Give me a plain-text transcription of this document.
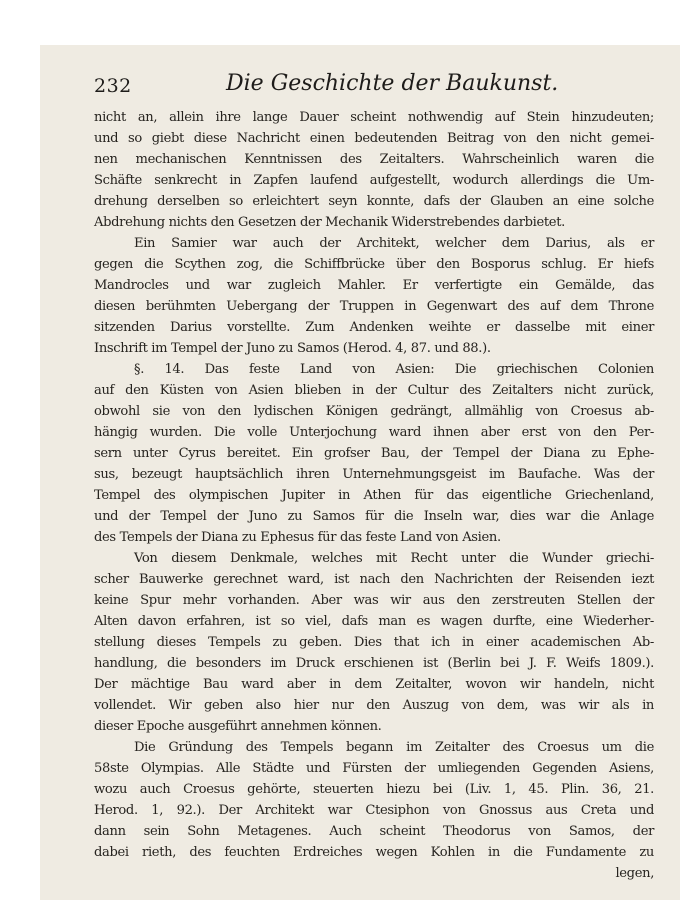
232	Die Geschichte der Baukunst.
nicht an, allein ihre lange Dauer scheint nothwendig auf Stein hinzudeuten;
und so giebt diese Nachricht einen bedeutenden Beitrag von den nicht gemei-
nen mechanischen Kenntnissen des Zeitalters. Wahrscheinlich waren die
Schäfte senkrecht in Zapfen laufend aufgestellt, wodurch allerdings die Um-
drehung derselben so erleichtert seyn konnte, dafs der Glauben an eine solche
Abdrehung nichts den Gesetzen der Mechanik Widerstrebendes darbietet.
Ein Samier war auch der Architekt, welcher dem Darius, als er
gegen die Scythen zog, die Schiffbrücke über den Bosporus schlug. Er hiefs
Mandrocles und war zugleich Mahler. Er verfertigte ein Gemälde, das
diesen berühmten Uebergang der Truppen in Gegenwart des auf dem Throne
sitzenden Darius vorstellte. Zum Andenken weihte er dasselbe mit einer
Inschrift im Tempel der Juno zu Samos (Herod. 4, 87. und 88.).
§. 14. Das feste Land von Asien: Die griechischen Colonien
auf den Küsten von Asien blieben in der Cultur des Zeitalters nicht zurück,
obwohl sie von den lydischen Königen gedrängt, allmählig von Croesus ab-
hängig wurden. Die volle Unterjochung ward ihnen aber erst von den Per-
sern unter Cyrus bereitet. Ein grofser Bau, der Tempel der Diana zu Ephe-
sus, bezeugt hauptsächlich ihren Unternehmungsgeist im Baufache. Was der
Tempel des olympischen Jupiter in Athen für das eigentliche Griechenland,
und der Tempel der Juno zu Samos für die Inseln war, dies war die Anlage
des Tempels der Diana zu Ephesus für das feste Land von Asien.
Von diesem Denkmale, welches mit Recht unter die Wunder griechi-
scher Bauwerke gerechnet ward, ist nach den Nachrichten der Reisenden iezt
keine Spur mehr vorhanden. Aber was wir aus den zerstreuten Stellen der
Alten davon erfahren, ist so viel, dafs man es wagen durfte, eine Wiederher-
stellung dieses Tempels zu geben. Dies that ich in einer academischen Ab-
handlung, die besonders im Druck erschienen ist (Berlin bei J. F. Weifs 1809.).
Der mächtige Bau ward aber in dem Zeitalter, wovon wir handeln, nicht
vollendet. Wir geben also hier nur den Auszug von dem, was wir als in
dieser Epoche ausgeführt annehmen können.
Die Gründung des Tempels begann im Zeitalter des Croesus um die
58ste Olympias. Alle Städte und Fürsten der umliegenden Gegenden Asiens,
wozu auch Croesus gehörte, steuerten hiezu bei (Liv. 1, 45. Plin. 36, 21.
Herod. 1, 92.). Der Architekt war Ctesiphon von Gnossus aus Creta und
dann sein Sohn Metagenes. Auch scheint Theodorus von Samos, der
dabei rieth, des feuchten Erdreiches wegen Kohlen in die Fundamente zu
legen,
